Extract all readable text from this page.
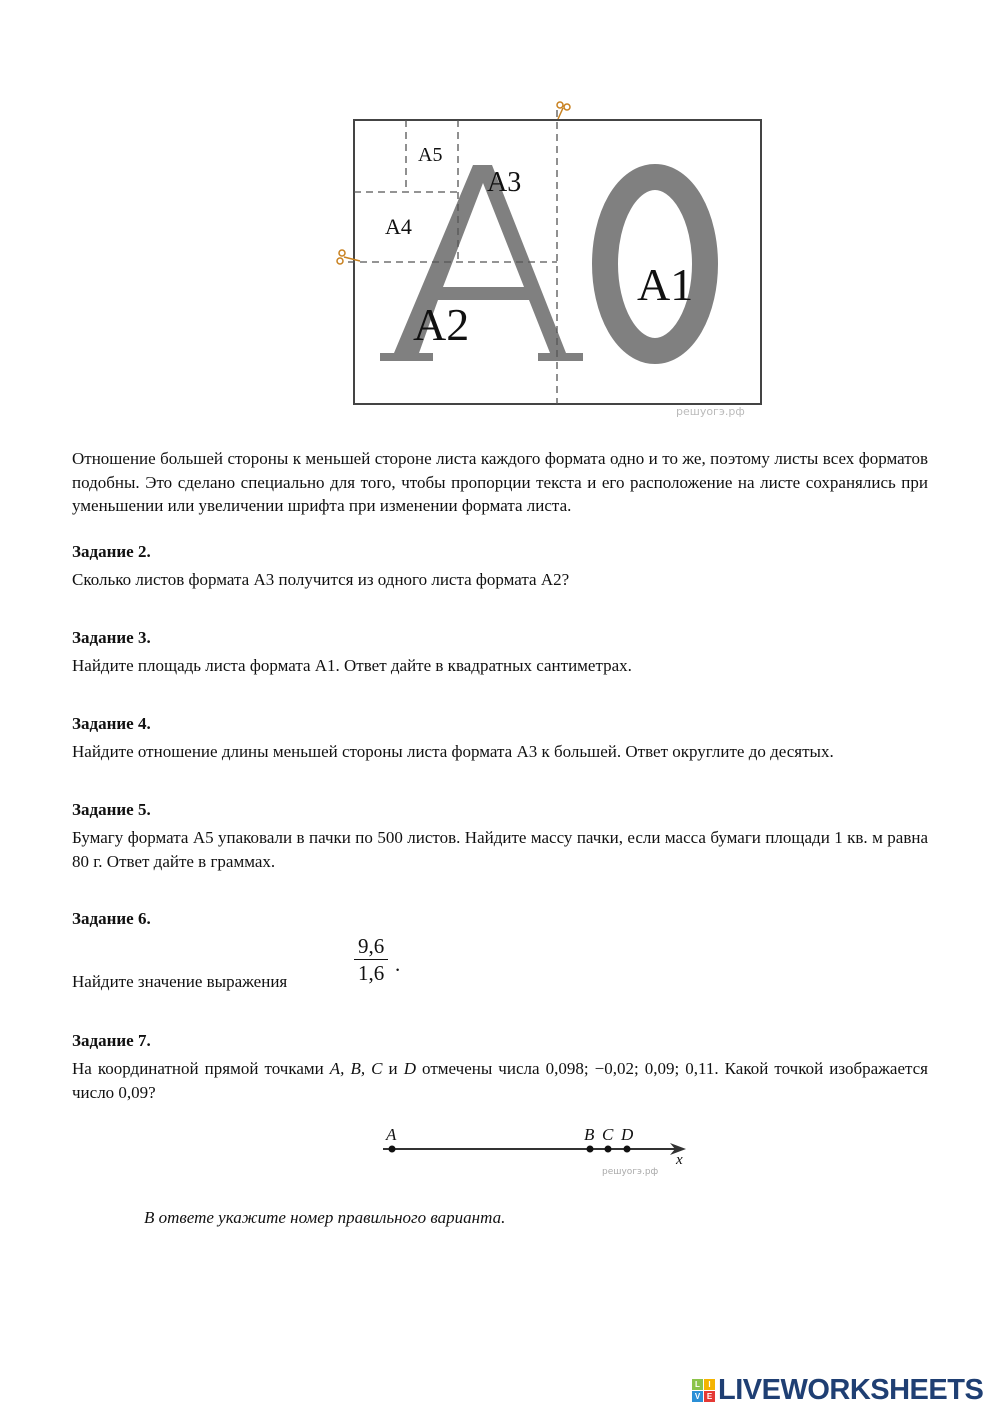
A5
A3
A4
A2
A1
решуогэ.рф

Отношение большей стороны к меньшей стороне листа каждого формата одно и то же, поэтому листы всех форматов подобны. Это сделано специально для того, чтобы пропорции текста и его расположение на листе сохранялись при уменьшении или увеличении шрифта при изменении формата листа.

Задание 2.

Сколько листов формата А3 получится из одного листа формата А2?

Задание 3.

Найдите площадь листа формата А1. Ответ дайте в квадратных сантиметрах.

Задание 4.

Найдите отношение длины меньшей стороны листа формата А3 к большей. Ответ округлите до десятых.

Задание 5.

Бумагу формата А5 упаковали в пачки по 500 листов. Найдите массу пачки, если масса бумаги площади 1 кв. м равна 80 г. Ответ дайте в граммах.

Задание 6.
Найдите значение выражения	$\frac{9,6}{1,6}$ .
Задание 7.

На координатной прямой точками A, B, C и D отмечены числа 0,098; −0,02; 0,09; 0,11. Какой точкой изображается число 0,09?

A	B C D
x
решуогэ.рф
В ответе укажите номер правильного варианта.
L	I
V E LIVEWORKSHEETS
